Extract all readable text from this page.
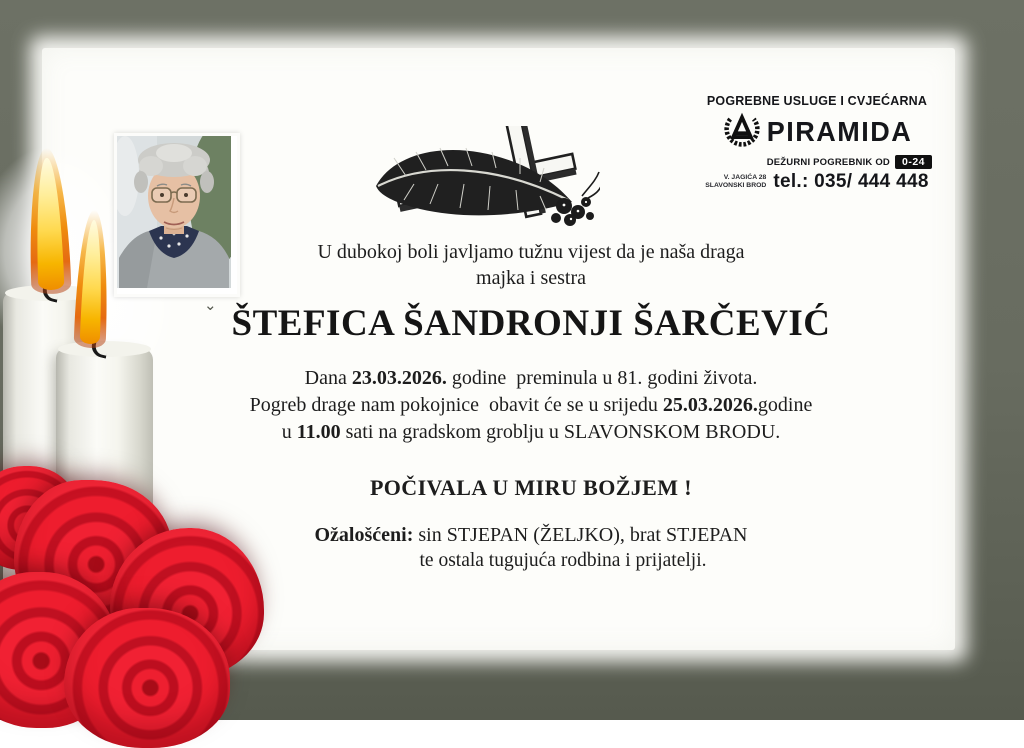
⌄
POGREBNE USLUGE I CVJEĆARNA
PIRAMIDA
DEŽURNI POGREBNIK OD	0-24
V. JAGIĆA 28
SLAVONSKI BROD tel.: 035/ 444 448
U dubokoj boli javljamo tužnu vijest da je naša draga
majka i sestra
ŠTEFICA ŠANDRONJI ŠARČEVIĆ
Dana 23.03.2026. godine  preminula u 81. godini života.
Pogreb drage nam pokojnice  obavit će se u srijedu 25.03.2026.godine
u 11.00 sati na gradskom groblju u SLAVONSKOM BRODU.
POČIVALA U MIRU BOŽJEM !
Ožalošćeni: sin STJEPAN (ŽELJKO), brat STJEPAN
te ostala tugujuća rodbina i prijatelji.
